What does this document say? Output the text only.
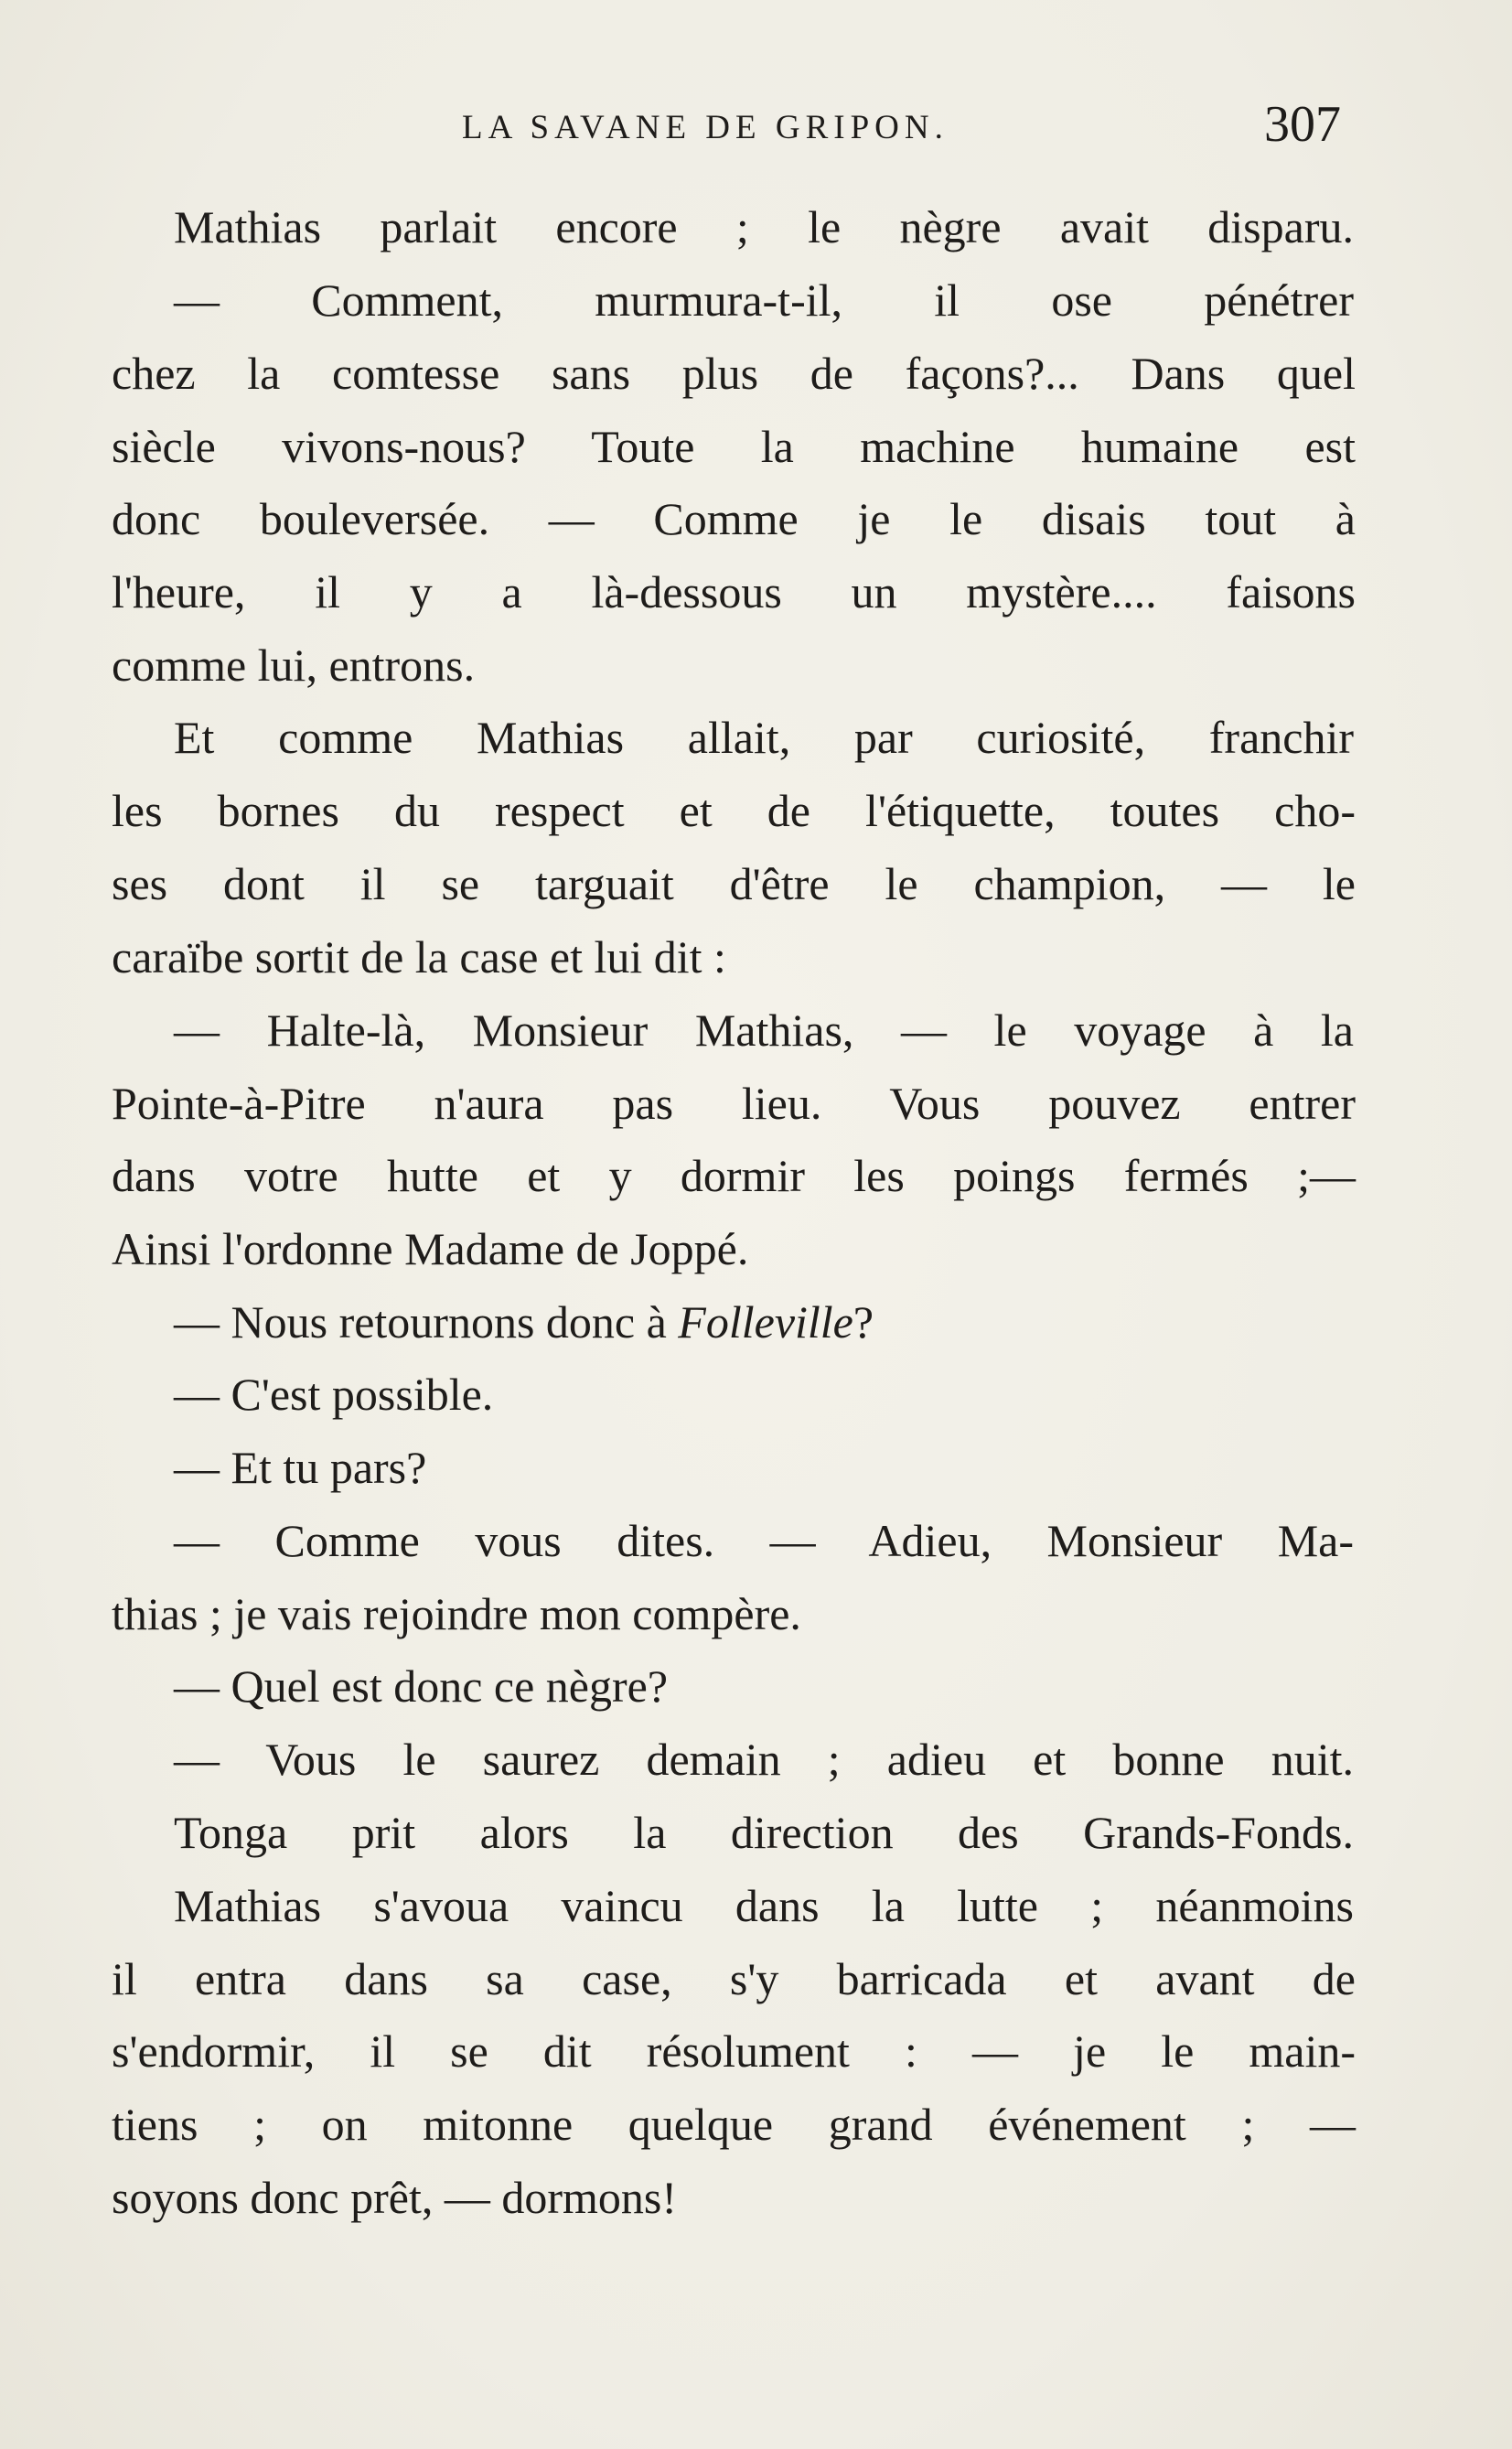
LA SAVANE DE GRIPON.	307
Mathias parlait encore ; le nègre avait disparu.
— Comment, murmura-t-il, il ose pénétrer
chez la comtesse sans plus de façons?... Dans quel
siècle vivons-nous? Toute la machine humaine est
donc bouleversée. — Comme je le disais tout à
l'heure, il y a là-dessous un mystère.... faisons
comme lui, entrons.
Et comme Mathias allait, par curiosité, franchir
les bornes du respect et de l'étiquette, toutes cho-
ses dont il se targuait d'être le champion, — le
caraïbe sortit de la case et lui dit :
— Halte-là, Monsieur Mathias, — le voyage à la
Pointe-à-Pitre n'aura pas lieu. Vous pouvez entrer
dans votre hutte et y dormir les poings fermés ;—
Ainsi l'ordonne Madame de Joppé.
— Nous retournons donc à Folleville?
— C'est possible.
— Et tu pars?
— Comme vous dites. — Adieu, Monsieur Ma-
thias ; je vais rejoindre mon compère.
— Quel est donc ce nègre?
— Vous le saurez demain ; adieu et bonne nuit.
Tonga prit alors la direction des Grands-Fonds.
Mathias s'avoua vaincu dans la lutte ; néanmoins
il entra dans sa case, s'y barricada et avant de
s'endormir, il se dit résolument : — je le main-
tiens ; on mitonne quelque grand événement ; —
soyons donc prêt, — dormons!
